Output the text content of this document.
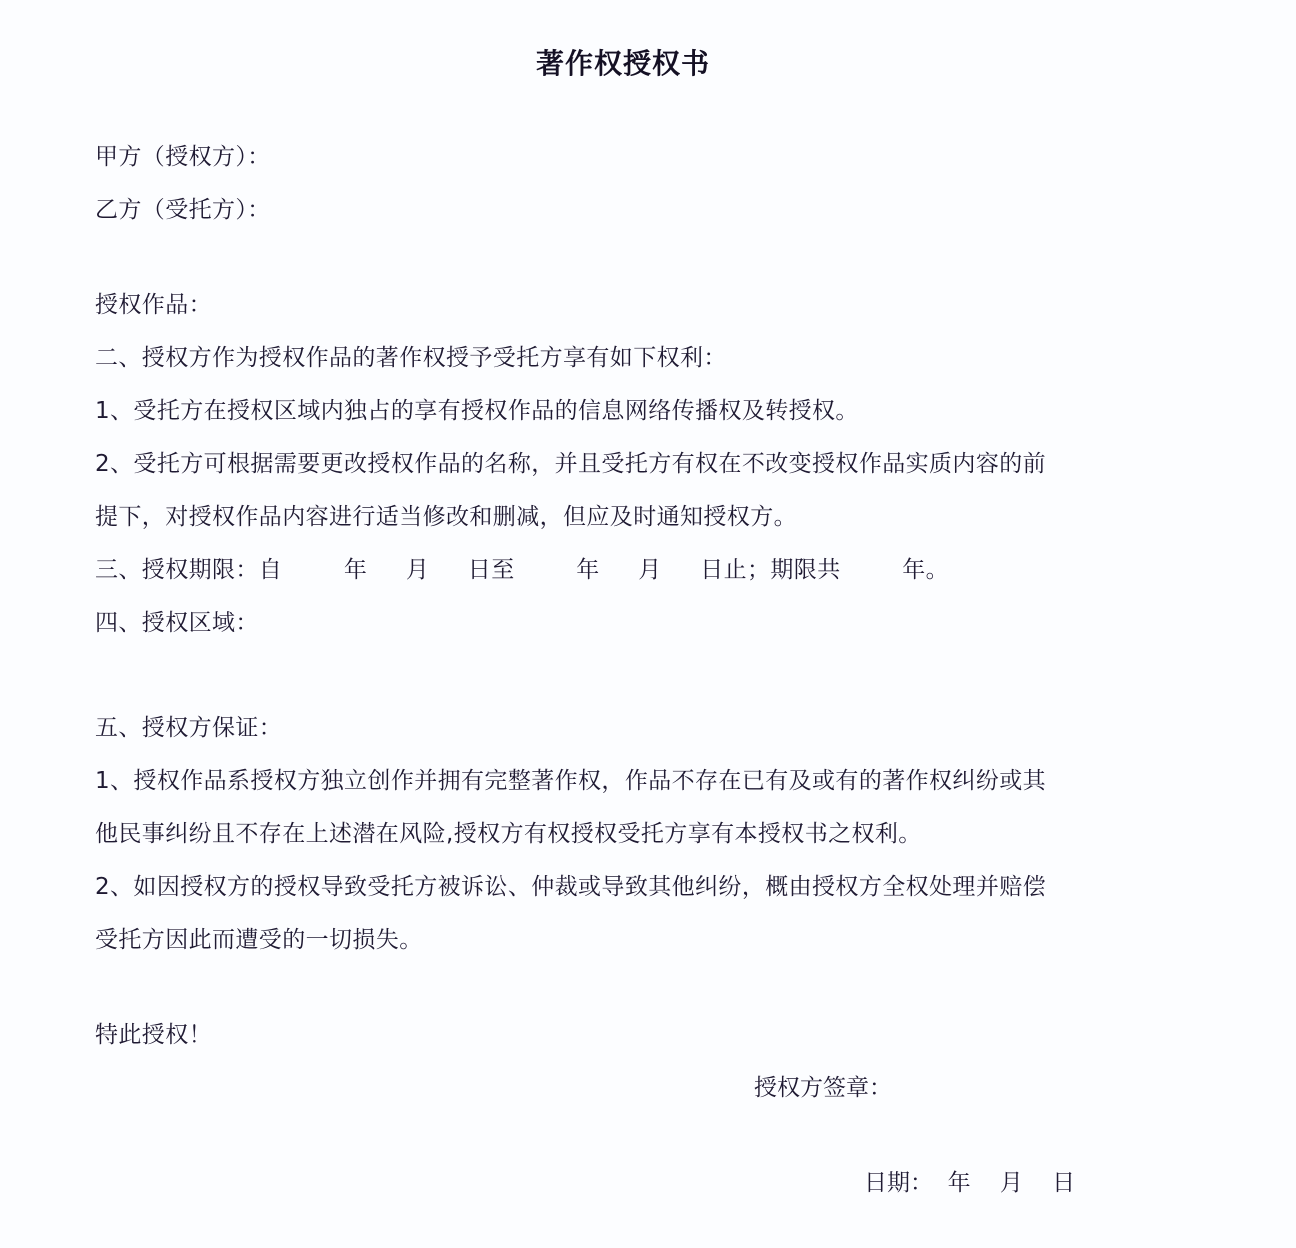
著作权授权书
甲方（授权方）：
乙方（受托方）：
授权作品：
二、授权方作为授权作品的著作权授予受托方享有如下权利：
1、受托方在授权区域内独占的享有授权作品的信息网络传播权及转授权。
2、受托方可根据需要更改授权作品的名称，并且受托方有权在不改变授权作品实质内容的前
提下，对授权作品内容进行适当修改和删减，但应及时通知授权方。
三、授权期限：自        年     月     日至        年     月     日止；期限共        年。
四、授权区域：
五、授权方保证：
1、授权作品系授权方独立创作并拥有完整著作权，作品不存在已有及或有的著作权纠纷或其
他民事纠纷且不存在上述潜在风险,授权方有权授权受托方享有本授权书之权利。
2、如因授权方的授权导致受托方被诉讼、仲裁或导致其他纠纷，概由授权方全权处理并赔偿
受托方因此而遭受的一切损失。
特此授权！
授权方签章：
日期：  年    月    日
